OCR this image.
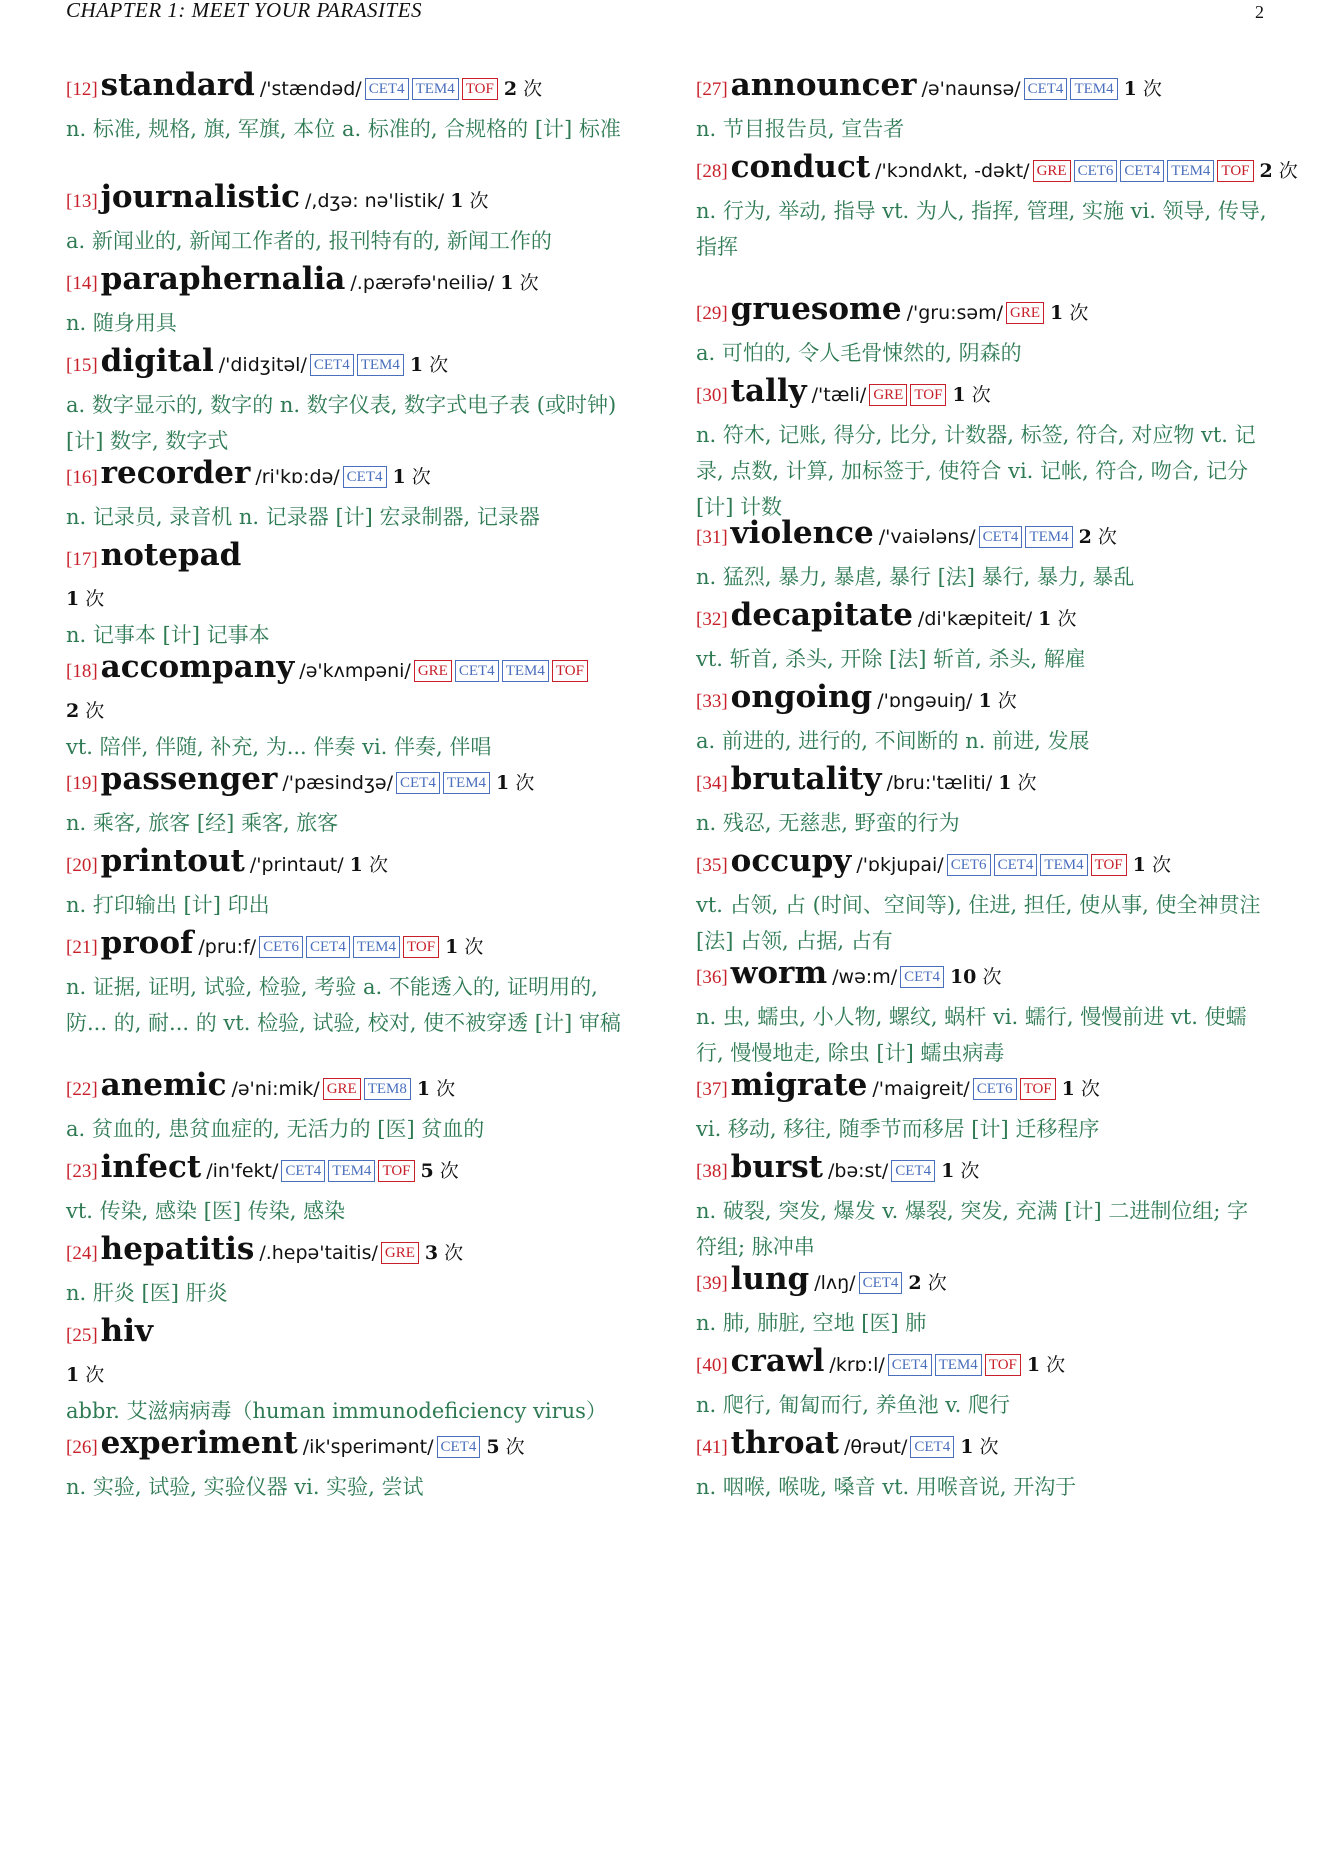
CHAPTER 1: MEET YOUR PARASITES	2
[12]standard /'stændəd/ CET4 TEM4 TOF 2 次
n. 标准, 规格, 旗, 军旗, 本位 a. 标准的, 合规格的 [计] 标准
[13]journalistic /,dʒə: nə'listik/ 1 次
a. 新闻业的, 新闻工作者的, 报刊特有的, 新闻工作的
[14]paraphernalia /.pærəfə'neiliə/ 1 次
n. 随身用具
[15]digital /'didʒitəl/ CET4 TEM4 1 次
a. 数字显示的, 数字的 n. 数字仪表, 数字式电子表 (或时钟) [计] 数字, 数字式
[16]recorder /ri'kɒ:də/ CET4 1 次
n. 记录员, 录音机 n. 记录器 [计] 宏录制器, 记录器
[17]notepad
1 次
n. 记事本 [计] 记事本
[18]accompany /ə'kʌmpəni/ GRE CET4 TEM4 TOF
2 次
vt. 陪伴, 伴随, 补充, 为... 伴奏 vi. 伴奏, 伴唱
[19]passenger /'pæsindʒə/ CET4 TEM4 1 次
n. 乘客, 旅客 [经] 乘客, 旅客
[20]printout /'printaut/ 1 次
n. 打印输出 [计] 印出
[21]proof /pru:f/ CET6 CET4 TEM4 TOF 1 次
n. 证据, 证明, 试验, 检验, 考验 a. 不能透入的, 证明用的, 防... 的, 耐... 的 vt. 检验, 试验, 校对, 使不被穿透 [计] 审稿
[22]anemic /ə'ni:mik/ GRE TEM8 1 次
a. 贫血的, 患贫血症的, 无活力的 [医] 贫血的
[23]infect /in'fekt/ CET4 TEM4 TOF 5 次
vt. 传染, 感染 [医] 传染, 感染
[24]hepatitis /.hepə'taitis/ GRE 3 次
n. 肝炎 [医] 肝炎
[25]hiv
1 次
abbr. 艾滋病病毒（human immunodeficiency virus）
[26]experiment /ik'sperimənt/ CET4 5 次
n. 实验, 试验, 实验仪器 vi. 实验, 尝试
[27]announcer /ə'naunsə/ CET4 TEM4 1 次
n. 节目报告员, 宣告者
[28]conduct /'kɔndʌkt, -dəkt/ GRE CET6 CET4 TEM4 TOF 2 次
n. 行为, 举动, 指导 vt. 为人, 指挥, 管理, 实施 vi. 领导, 传导, 指挥
[29]gruesome /'gru:səm/ GRE 1 次
a. 可怕的, 令人毛骨悚然的, 阴森的
[30]tally /'tæli/ GRE TOF 1 次
n. 符木, 记账, 得分, 比分, 计数器, 标签, 符合, 对应物 vt. 记录, 点数, 计算, 加标签于, 使符合 vi. 记帐, 符合, 吻合, 记分 [计] 计数
[31]violence /'vaiələns/ CET4 TEM4 2 次
n. 猛烈, 暴力, 暴虐, 暴行 [法] 暴行, 暴力, 暴乱
[32]decapitate /di'kæpiteit/ 1 次
vt. 斩首, 杀头, 开除 [法] 斩首, 杀头, 解雇
[33]ongoing /'ɒngəuiŋ/ 1 次
a. 前进的, 进行的, 不间断的 n. 前进, 发展
[34]brutality /bru:'tæliti/ 1 次
n. 残忍, 无慈悲, 野蛮的行为
[35]occupy /'ɒkjupai/ CET6 CET4 TEM4 TOF 1 次
vt. 占领, 占 (时间、空间等), 住进, 担任, 使从事, 使全神贯注 [法] 占领, 占据, 占有
[36]worm /wə:m/ CET4 10 次
n. 虫, 蠕虫, 小人物, 螺纹, 蜗杆 vi. 蠕行, 慢慢前进 vt. 使蠕行, 慢慢地走, 除虫 [计] 蠕虫病毒
[37]migrate /'maigreit/ CET6 TOF 1 次
vi. 移动, 移往, 随季节而移居 [计] 迁移程序
[38]burst /bə:st/ CET4 1 次
n. 破裂, 突发, 爆发 v. 爆裂, 突发, 充满 [计] 二进制位组; 字符组; 脉冲串
[39]lung /lʌŋ/ CET4 2 次
n. 肺, 肺脏, 空地 [医] 肺
[40]crawl /krɒ:l/ CET4 TEM4 TOF 1 次
n. 爬行, 匍匐而行, 养鱼池 v. 爬行
[41]throat /θrəut/ CET4 1 次
n. 咽喉, 喉咙, 嗓音 vt. 用喉音说, 开沟于
